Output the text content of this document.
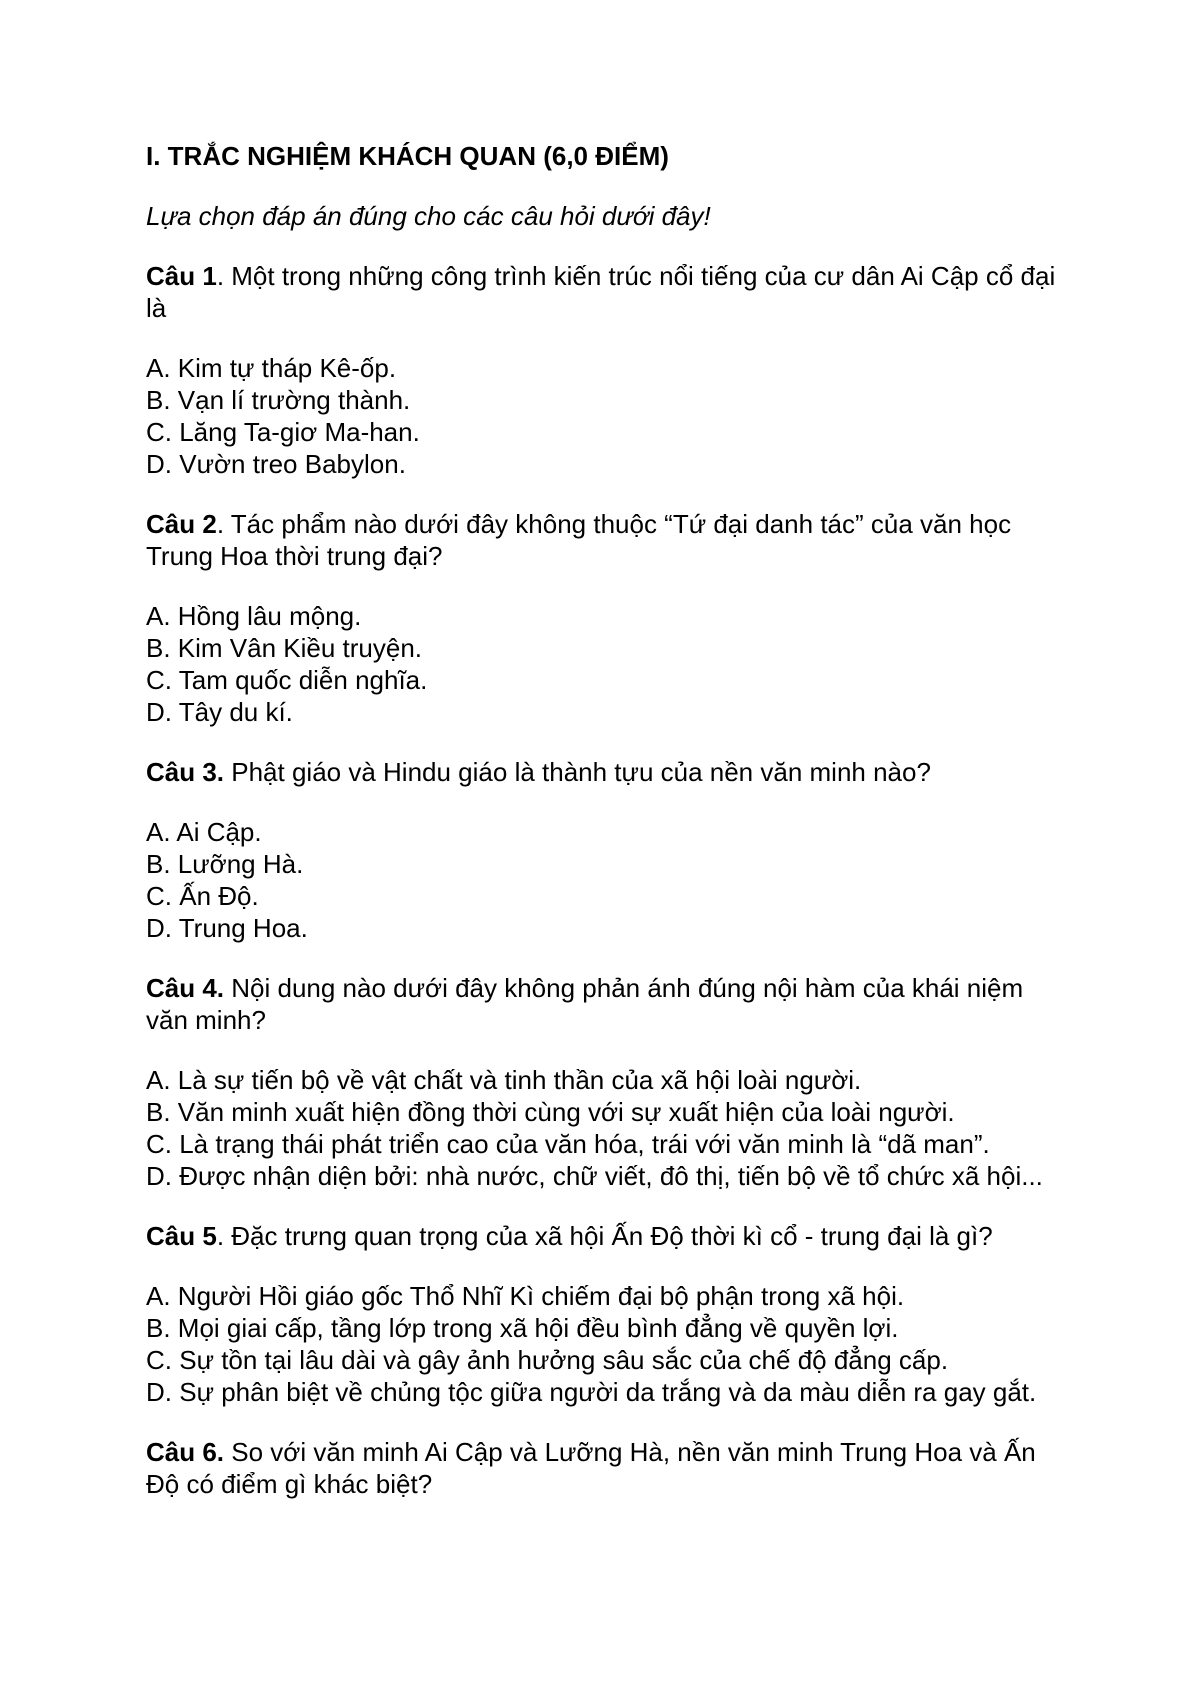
I. TRẮC NGHIỆM KHÁCH QUAN (6,0 ĐIỂM)
Lựa chọn đáp án đúng cho các câu hỏi dưới đây!
Câu 1. Một trong những công trình kiến trúc nổi tiếng của cư dân Ai Cập cổ đại là
A. Kim tự tháp Kê-ốp.
B. Vạn lí trường thành.
C. Lăng Ta-giơ Ma-han.
D. Vườn treo Babylon.
Câu 2. Tác phẩm nào dưới đây không thuộc “Tứ đại danh tác” của văn học Trung Hoa thời trung đại?
A. Hồng lâu mộng.
B. Kim Vân Kiều truyện.
C. Tam quốc diễn nghĩa.
D. Tây du kí.
Câu 3. Phật giáo và Hindu giáo là thành tựu của nền văn minh nào?
A. Ai Cập.
B. Lưỡng Hà.
C. Ấn Độ.
D. Trung Hoa.
Câu 4. Nội dung nào dưới đây không phản ánh đúng nội hàm của khái niệm văn minh?
A. Là sự tiến bộ về vật chất và tinh thần của xã hội loài người.
B. Văn minh xuất hiện đồng thời cùng với sự xuất hiện của loài người.
C. Là trạng thái phát triển cao của văn hóa, trái với văn minh là “dã man”.
D. Được nhận diện bởi: nhà nước, chữ viết, đô thị, tiến bộ về tổ chức xã hội...
Câu 5. Đặc trưng quan trọng của xã hội Ấn Độ thời kì cổ - trung đại là gì?
A. Người Hồi giáo gốc Thổ Nhĩ Kì chiếm đại bộ phận trong xã hội.
B. Mọi giai cấp, tầng lớp trong xã hội đều bình đẳng về quyền lợi.
C. Sự tồn tại lâu dài và gây ảnh hưởng sâu sắc của chế độ đẳng cấp.
D. Sự phân biệt về chủng tộc giữa người da trắng và da màu diễn ra gay gắt.
Câu 6. So với văn minh Ai Cập và Lưỡng Hà, nền văn minh Trung Hoa và Ấn Độ có điểm gì khác biệt?
